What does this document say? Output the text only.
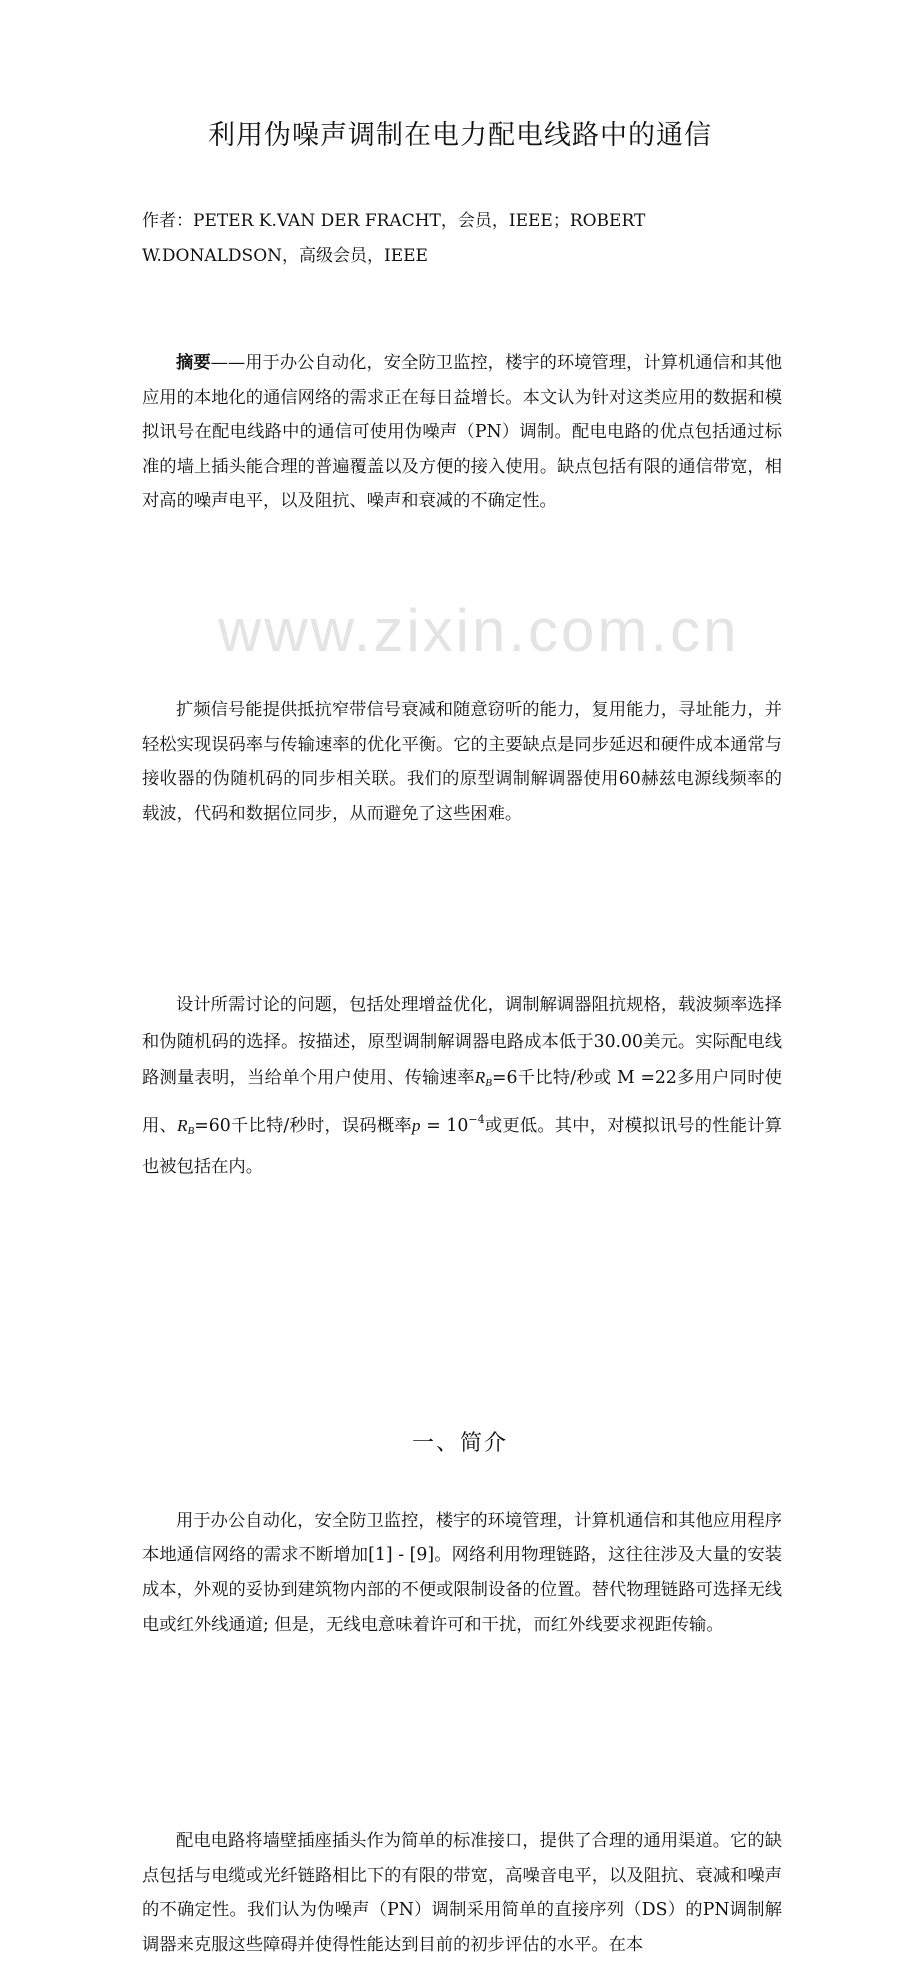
www.zixin.com.cn
利用伪噪声调制在电力配电线路中的通信
作者：PETER K.VAN DER FRACHT，会员，IEEE；ROBERT W.DONALDSON，高级会员，IEEE
摘要——用于办公自动化，安全防卫监控，楼宇的环境管理，计算机通信和其他应用的本地化的通信网络的需求正在每日益增长。本文认为针对这类应用的数据和模拟讯号在配电线路中的通信可使用伪噪声（PN）调制。配电电路的优点包括通过标准的墙上插头能合理的普遍覆盖以及方便的接入使用。缺点包括有限的通信带宽，相对高的噪声电平，以及阻抗、噪声和衰减的不确定性。
扩频信号能提供抵抗窄带信号衰减和随意窃听的能力，复用能力，寻址能力，并轻松实现误码率与传输速率的优化平衡。它的主要缺点是同步延迟和硬件成本通常与接收器的伪随机码的同步相关联。我们的原型调制解调器使用60赫兹电源线频率的载波，代码和数据位同步，从而避免了这些困难。
设计所需讨论的问题，包括处理增益优化，调制解调器阻抗规格，载波频率选择和伪随机码的选择。按描述，原型调制解调器电路成本低于30.00美元。实际配电线路测量表明，当给单个用户使用、传输速率$R_B=6$千比特/秒或 M =22多用户同时使用、$R_B=60$千比特/秒时，误码概率$p = 10^{-4}$或更低。其中，对模拟讯号的性能计算也被包括在内。
一、简介
用于办公自动化，安全防卫监控，楼宇的环境管理，计算机通信和其他应用程序本地通信网络的需求不断增加[1] - [9]。网络利用物理链路，这往往涉及大量的安装成本，外观的妥协到建筑物内部的不便或限制设备的位置。替代物理链路可选择无线电或红外线通道; 但是，无线电意味着许可和干扰，而红外线要求视距传输。
配电电路将墙壁插座插头作为简单的标准接口，提供了合理的通用渠道。它的缺点包括与电缆或光纤链路相比下的有限的带宽，高噪音电平，以及阻抗、衰减和噪声的不确定性。我们认为伪噪声（PN）调制采用简单的直接序列（DS）的PN调制解调器来克服这些障碍并使得性能达到目前的初步评估的水平。在本
